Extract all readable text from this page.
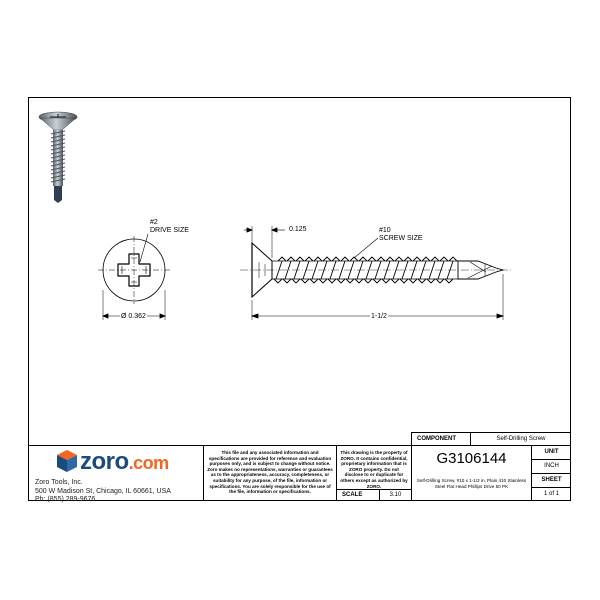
#2
DRIVE SIZE	#10
SCREW SIZE
0.125
Ø 0.362	1-1/2
COMPONENT	Self-Drilling Screw
zoro.com
Zoro Tools, Inc.
500 W Madison St, Chicago, IL 60661, USA
Ph: (855) 289-9676
This file and any associated information and specifications are provided for reference and evaluation purposes only, and is subject to change without notice. Zoro makes no representations, warranties or guarantees as to the appropriateness, accuracy, completeness, or suitability for any purpose, of the file, information or specifications. You are solely responsible for the use of the file, information or specifications.
This drawing is the property of ZORO. It contains confidential, proprietary information that is ZORO property. Do not disclose to or duplicate for others except as authorized by ZORO.
SCALE	3.10
G3106144
Self-Drilling Screw, #10 x 1-1/2 in, Plain 410 Stainless Steel Flat Head Phillips Drive 50 PK
UNIT
INCH
SHEET
1 of 1
